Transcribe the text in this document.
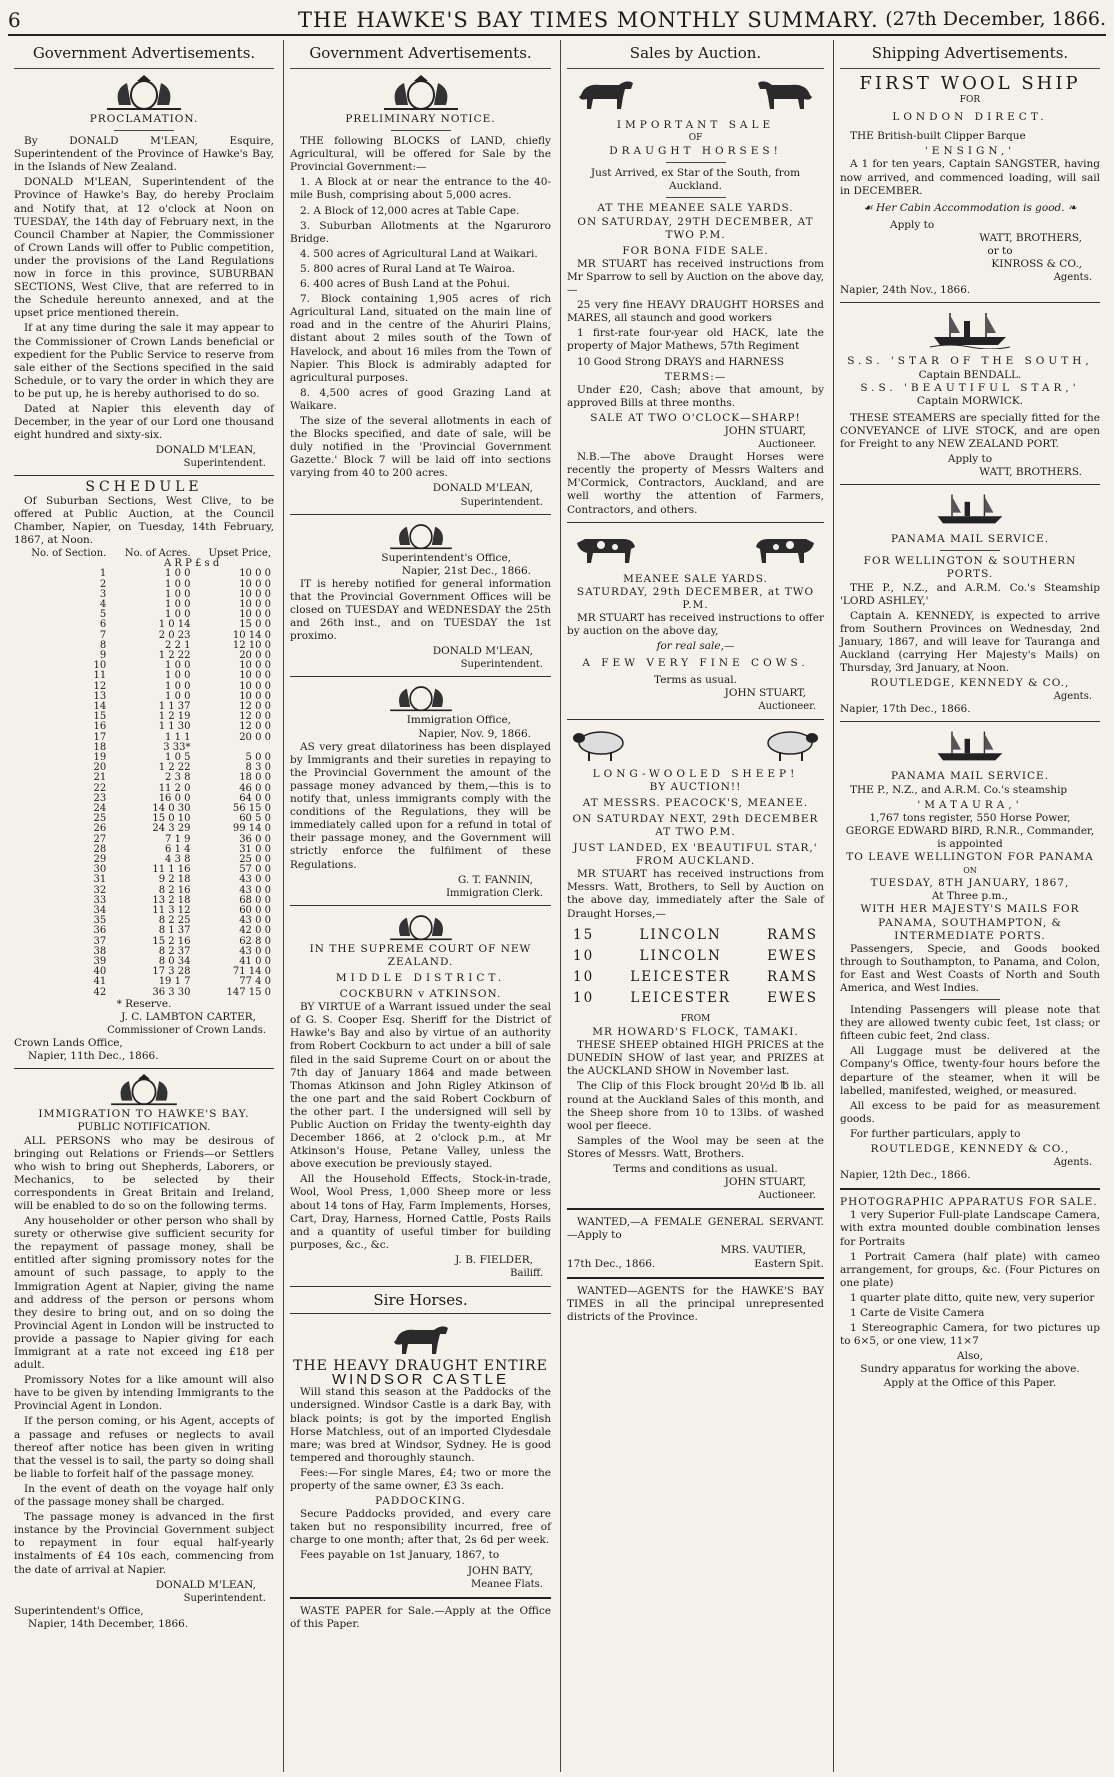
6	THE HAWKE'S BAY TIMES MONTHLY SUMMARY. (27th December, 1866.
Government Advertisements.
PROCLAMATION.

By DONALD M'LEAN, Esquire, Superintendent of the Province of Hawke's Bay, in the Islands of New Zealand.

DONALD M'LEAN, Superintendent of the Province of Hawke's Bay, do hereby Proclaim and Notify that, at 12 o'clock at Noon on TUESDAY, the 14th day of February next, in the Council Chamber at Napier, the Commissioner of Crown Lands will offer to Public competition, under the provisions of the Land Regulations now in force in this province, SUBURBAN SECTIONS, West Clive, that are referred to in the Schedule hereunto annexed, and at the upset price mentioned therein.

If at any time during the sale it may appear to the Commissioner of Crown Lands beneficial or expedient for the Public Service to reserve from sale either of the Sections specified in the said Schedule, or to vary the order in which they are to be put up, he is hereby authorised to do so.

Dated at Napier this eleventh day of December, in the year of our Lord one thousand eight hundred and sixty-six.

DONALD M'LEAN,
Superintendent.
SCHEDULE

Of Suburban Sections, West Clive, to be offered at Public Auction, at the Council Chamber, Napier, on Tuesday, 14th February, 1867, at Noon.

No. of Section.	No. of Acres.	Upset Price,
	A R P £ s d	
1	1 0 0	10 0 0
2	1 0 0	10 0 0
3	1 0 0	10 0 0
4	1 0 0	10 0 0
5	1 0 0	10 0 0
6	1 0 14	15 0 0
7	2 0 23	10 14 0
8	2 2 1	12 10 0
9	1 2 22	20 0 0
10	1 0 0	10 0 0
11	1 0 0	10 0 0
12	1 0 0	10 0 0
13	1 0 0	10 0 0
14	1 1 37	12 0 0
15	1 2 19	12 0 0
16	1 1 30	12 0 0
17	1 1 1	20 0 0
18	3 33*	
19	1 0 5	5 0 0
20	1 2 22	8 3 0
21	2 3 8	18 0 0
22	11 2 0	46 0 0
23	16 0 0	64 0 0
24	14 0 30	56 15 0
25	15 0 10	60 5 0
26	24 3 29	99 14 0
27	7 1 9	36 0 0
28	6 1 4	31 0 0
29	4 3 8	25 0 0
30	11 1 16	57 0 0
31	9 2 18	43 0 0
32	8 2 16	43 0 0
33	13 2 18	68 0 0
34	11 3 12	60 0 0
35	8 2 25	43 0 0
36	8 1 37	42 0 0
37	15 2 16	62 8 0
38	8 2 37	43 0 0
39	8 0 34	41 0 0
40	17 3 28	71 14 0
41	19 1 7	77 4 0
42	36 3 30	147 15 0
* Reserve.
J. C. LAMBTON CARTER,
Commissioner of Crown Lands.
Crown Lands Office,
Napier, 11th Dec., 1866.
IMMIGRATION TO HAWKE'S BAY.
PUBLIC NOTIFICATION.

ALL PERSONS who may be desirous of bringing out Relations or Friends—or Settlers who wish to bring out Shepherds, Laborers, or Mechanics, to be selected by their correspondents in Great Britain and Ireland, will be enabled to do so on the following terms.

Any householder or other person who shall by surety or otherwise give sufficient security for the repayment of passage money, shall be entitled after signing promissory notes for the amount of such passage, to apply to the Immigration Agent at Napier, giving the name and address of the person or persons whom they desire to bring out, and on so doing the Provincial Agent in London will be instructed to provide a passage to Napier giving for each Immigrant at a rate not exceed ing £18 per adult.

Promissory Notes for a like amount will also have to be given by intending Immigrants to the Provincial Agent in London.

If the person coming, or his Agent, accepts of a passage and refuses or neglects to avail thereof after notice has been given in writing that the vessel is to sail, the party so doing shall be liable to forfeit half of the passage money.

In the event of death on the voyage half only of the passage money shall be charged.

The passage money is advanced in the first instance by the Provincial Government subject to repayment in four equal half-yearly instalments of £4 10s each, commencing from the date of arrival at Napier.

DONALD M'LEAN,
Superintendent.
Superintendent's Office,
Napier, 14th December, 1866.
Government Advertisements.
PRELIMINARY NOTICE.

THE following BLOCKS of LAND, chiefly Agricultural, will be offered for Sale by the Provincial Government:—

1. A Block at or near the entrance to the 40-mile Bush, comprising about 5,000 acres.

2. A Block of 12,000 acres at Table Cape.

3. Suburban Allotments at the Ngaruroro Bridge.

4. 500 acres of Agricultural Land at Waikari.

5. 800 acres of Rural Land at Te Wairoa.

6. 400 acres of Bush Land at the Pohui.

7. Block containing 1,905 acres of rich Agricultural Land, situated on the main line of road and in the centre of the Ahuriri Plains, distant about 2 miles south of the Town of Havelock, and about 16 miles from the Town of Napier. This Block is admirably adapted for agricultural purposes.

8. 4,500 acres of good Grazing Land at Waikare.

The size of the several allotments in each of the Blocks specified, and date of sale, will be duly notified in the 'Provincial Government Gazette.' Block 7 will be laid off into sections varying from 40 to 200 acres.

DONALD M'LEAN,
Superintendent.
Superintendent's Office,
Napier, 21st Dec., 1866.

IT is hereby notified for general information that the Provincial Government Offices will be closed on TUESDAY and WEDNESDAY the 25th and 26th inst., and on TUESDAY the 1st proximo.

DONALD M'LEAN,
Superintendent.
Immigration Office,
Napier, Nov. 9, 1866.

AS very great dilatoriness has been displayed by Immigrants and their sureties in repaying to the Provincial Government the amount of the passage money advanced by them,—this is to notify that, unless immigrants comply with the conditions of the Regulations, they will be immediately called upon for a refund in total of their passage money, and the Government will strictly enforce the fulfilment of these Regulations.

G. T. FANNIN,
Immigration Clerk.
IN THE SUPREME COURT OF NEW ZEALAND.
MIDDLE DISTRICT.
COCKBURN v ATKINSON.

BY VIRTUE of a Warrant issued under the seal of G. S. Cooper Esq. Sheriff for the District of Hawke's Bay and also by virtue of an authority from Robert Cockburn to act under a bill of sale filed in the said Supreme Court on or about the 7th day of January 1864 and made between Thomas Atkinson and John Rigley Atkinson of the one part and the said Robert Cockburn of the other part. I the undersigned will sell by Public Auction on Friday the twenty-eighth day December 1866, at 2 o'clock p.m., at Mr Atkinson's House, Petane Valley, unless the above execution be previously stayed.

All the Household Effects, Stock-in-trade, Wool, Wool Press, 1,000 Sheep more or less about 14 tons of Hay, Farm Implements, Horses, Cart, Dray, Harness, Horned Cattle, Posts Rails and a quantity of useful timber for building purposes, &c., &c.

J. B. FIELDER,
Bailiff.
Sire Horses.
THE HEAVY DRAUGHT ENTIRE
WINDSOR CASTLE

Will stand this season at the Paddocks of the undersigned. Windsor Castle is a dark Bay, with black points; is got by the imported English Horse Matchless, out of an imported Clydesdale mare; was bred at Windsor, Sydney. He is good tempered and thoroughly staunch.

Fees:—For single Mares, £4; two or more the property of the same owner, £3 3s each.

PADDOCKING.

Secure Paddocks provided, and every care taken but no responsibility incurred, free of charge to one month; after that, 2s 6d per week.

Fees payable on 1st January, 1867, to

JOHN BATY,
Meanee Flats.

WASTE PAPER for Sale.—Apply at the Office of this Paper.

Sales by Auction.
IMPORTANT SALE
OF
DRAUGHT HORSES!
Just Arrived, ex Star of the South, from Auckland.
AT THE MEANEE SALE YARDS.
ON SATURDAY, 29TH DECEMBER, AT TWO P.M.
FOR BONA FIDE SALE.

MR STUART has received instructions from Mr Sparrow to sell by Auction on the above day,—

25 very fine HEAVY DRAUGHT HORSES and MARES, all staunch and good workers

1 first-rate four-year old HACK, late the property of Major Mathews, 57th Regiment

10 Good Strong DRAYS and HARNESS

TERMS:—

Under £20, Cash; above that amount, by approved Bills at three months.

SALE AT TWO O'CLOCK—SHARP!
JOHN STUART,
Auctioneer.

N.B.—The above Draught Horses were recently the property of Messrs Walters and M'Cormick, Contractors, Auckland, and are well worthy the attention of Farmers, Contractors, and others.

MEANEE SALE YARDS.
SATURDAY, 29th DECEMBER, at TWO P.M.

MR STUART has received instructions to offer by auction on the above day,

for real sale,—
A FEW VERY FINE COWS.
Terms as usual.
JOHN STUART,
Auctioneer.
LONG-WOOLED SHEEP!
BY AUCTION!!
AT MESSRS. PEACOCK'S, MEANEE.
ON SATURDAY NEXT, 29th DECEMBER AT TWO P.M.
JUST LANDED, EX 'BEAUTIFUL STAR,' FROM AUCKLAND.

MR STUART has received instructions from Messrs. Watt, Brothers, to Sell by Auction on the above day, immediately after the Sale of Draught Horses,—

15	LINCOLN	RAMS
10	LINCOLN	EWES
10	LEICESTER	RAMS
10	LEICESTER	EWES
FROM
MR HOWARD'S FLOCK, TAMAKI.

THESE SHEEP obtained HIGH PRICES at the DUNEDIN SHOW of last year, and PRIZES at the AUCKLAND SHOW in November last.

The Clip of this Flock brought 20½d ℔ lb. all round at the Auckland Sales of this month, and the Sheep shore from 10 to 13lbs. of washed wool per fleece.

Samples of the Wool may be seen at the Stores of Messrs. Watt, Brothers.

Terms and conditions as usual.
JOHN STUART,
Auctioneer.

WANTED,—A FEMALE GENERAL SERVANT.—Apply to

MRS. VAUTIER,
17th Dec., 1866.	Eastern Spit.

WANTED—AGENTS for the HAWKE'S BAY TIMES in all the principal unrepresented districts of the Province.

Shipping Advertisements.
FIRST WOOL SHIP
FOR
LONDON DIRECT.

THE British-built Clipper Barque

'ENSIGN,'

A 1 for ten years, Captain SANGSTER, having now arrived, and commenced loading, will sail in DECEMBER.

☙ Her Cabin Accommodation is good. ❧
Apply to
WATT, BROTHERS,
or to
KINROSS & CO.,
Agents.
Napier, 24th Nov., 1866.
S.S. 'STAR OF THE SOUTH,
Captain BENDALL.
S.S. 'BEAUTIFUL STAR,'
Captain MORWICK.

THESE STEAMERS are specially fitted for the CONVEYANCE of LIVE STOCK, and are open for Freight to any NEW ZEALAND PORT.

Apply to
WATT, BROTHERS.
PANAMA MAIL SERVICE.
FOR WELLINGTON & SOUTHERN PORTS.

THE P., N.Z., and A.R.M. Co.'s Steamship 'LORD ASHLEY,'

Captain A. KENNEDY, is expected to arrive from Southern Provinces on Wednesday, 2nd January, 1867, and will leave for Tauranga and Auckland (carrying Her Majesty's Mails) on Thursday, 3rd January, at Noon.

ROUTLEDGE, KENNEDY & CO.,
Agents.
Napier, 17th Dec., 1866.
PANAMA MAIL SERVICE.

THE P., N.Z., and A.R.M. Co.'s steamship

'MATAURA,'
1,767 tons register, 550 Horse Power,
GEORGE EDWARD BIRD, R.N.R., Commander, is appointed
TO LEAVE WELLINGTON FOR PANAMA
ON
TUESDAY, 8TH JANUARY, 1867,
At Three p.m.,
WITH HER MAJESTY'S MAILS FOR PANAMA, SOUTHAMPTON, & INTERMEDIATE PORTS.

Passengers, Specie, and Goods booked through to Southampton, to Panama, and Colon, for East and West Coasts of North and South America, and West Indies.

Intending Passengers will please note that they are allowed twenty cubic feet, 1st class; or fifteen cubic feet, 2nd class.

All Luggage must be delivered at the Company's Office, twenty-four hours before the departure of the steamer, when it will be labelled, manifested, weighed, or measured.

All excess to be paid for as measurement goods.

For further particulars, apply to

ROUTLEDGE, KENNEDY & CO.,
Agents.
Napier, 12th Dec., 1866.
PHOTOGRAPHIC APPARATUS FOR SALE.

1 very Superior Full-plate Landscape Camera, with extra mounted double combination lenses for Portraits

1 Portrait Camera (half plate) with cameo arrangement, for groups, &c. (Four Pictures on one plate)

1 quarter plate ditto, quite new, very superior

1 Carte de Visite Camera

1 Stereographic Camera, for two pictures up to 6×5, or one view, 11×7

Also,
Sundry apparatus for working the above.
Apply at the Office of this Paper.
